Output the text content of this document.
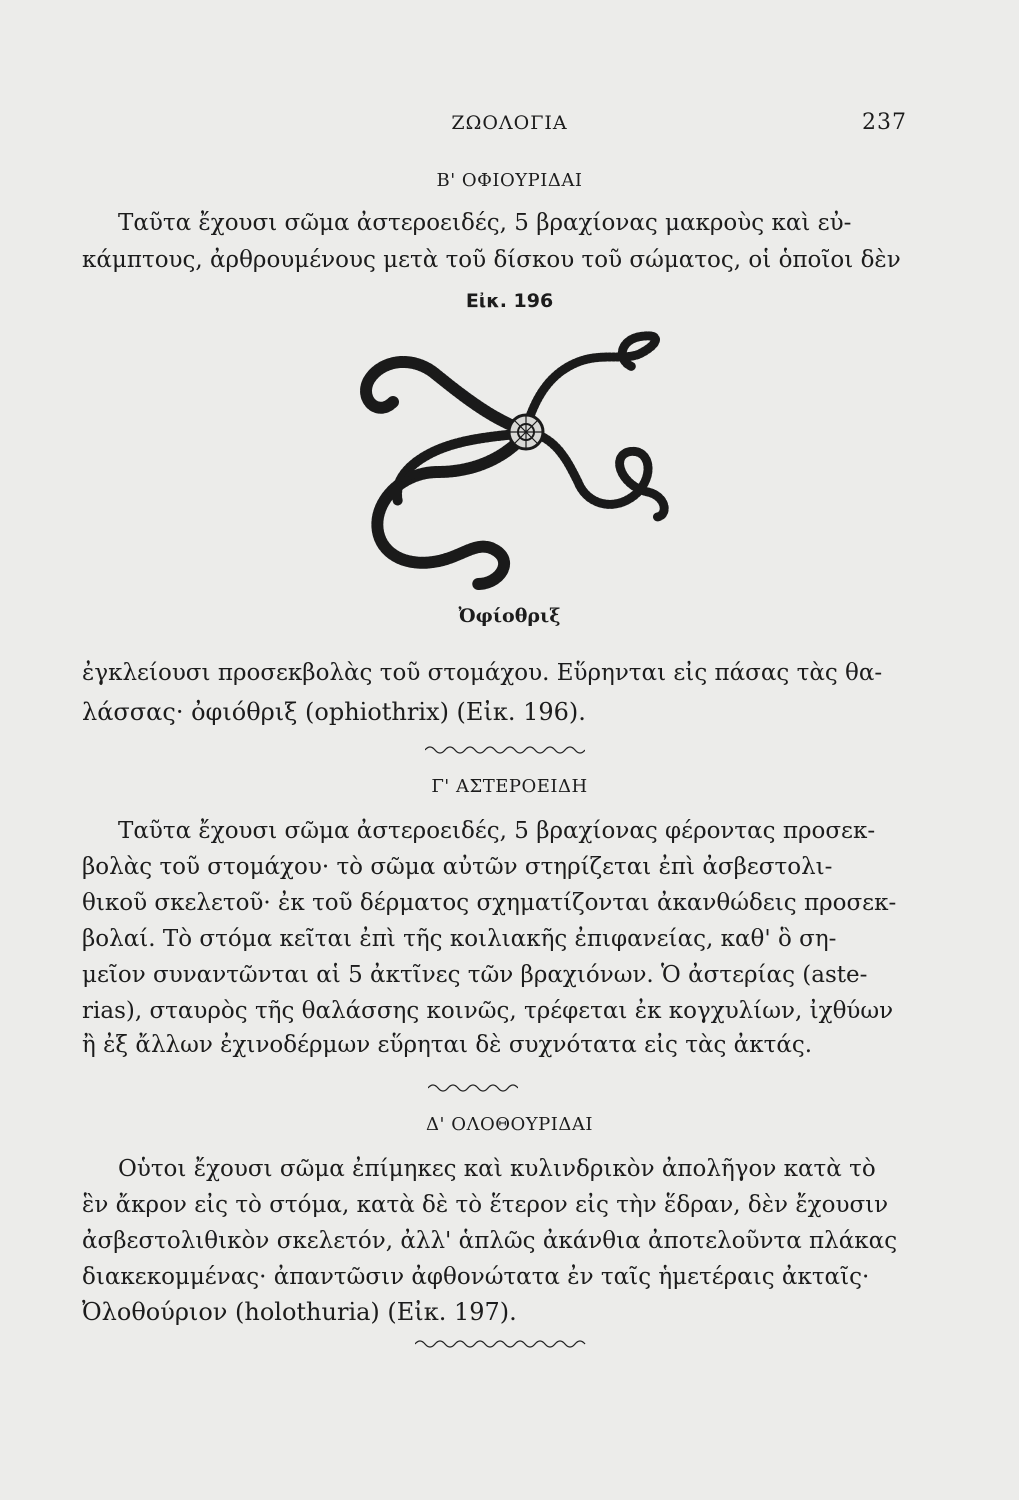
ΖΩΟΛΟΓΙΑ	237
Β' ΟΦΙΟΥΡΙΔΑΙ

Ταῦτα ἔχουσι σῶμα ἀστεροειδές, 5 βραχίονας μακροὺς καὶ εὐ-

κάμπτους, ἀρθρουμένους μετὰ τοῦ δίσκου τοῦ σώματος, οἱ ὁποῖοι δὲν

Εἰκ. 196
Ὀφίοθριξ

ἐγκλείουσι προσεκβολὰς τοῦ στομάχου. Εὕρηνται εἰς πάσας τὰς θα-

λάσσας· ὀφιόθριξ (ophiothrix) (Εἰκ. 196).

Γ' ΑΣΤΕΡΟΕΙΔΗ

Ταῦτα ἔχουσι σῶμα ἀστεροειδές, 5 βραχίονας φέροντας προσεκ-

βολὰς τοῦ στομάχου· τὸ σῶμα αὐτῶν στηρίζεται ἐπὶ ἀσβεστολι-

θικοῦ σκελετοῦ· ἐκ τοῦ δέρματος σχηματίζονται ἀκανθώδεις προσεκ-

βολαί. Τὸ στόμα κεῖται ἐπὶ τῆς κοιλιακῆς ἐπιφανείας, καθ' ὃ ση-

μεῖον συναντῶνται αἱ 5 ἀκτῖνες τῶν βραχιόνων. Ὁ ἀστερίας (aste-

rias), σταυρὸς τῆς θαλάσσης κοινῶς, τρέφεται ἐκ κογχυλίων, ἰχθύων

ἢ ἐξ ἄλλων ἐχινοδέρμων εὕρηται δὲ συχνότατα εἰς τὰς ἀκτάς.

Δ' ΟΛΟΘΟΥΡΙΔΑΙ

Οὗτοι ἔχουσι σῶμα ἐπίμηκες καὶ κυλινδρικὸν ἀπολῆγον κατὰ τὸ

ἓν ἄκρον εἰς τὸ στόμα, κατὰ δὲ τὸ ἕτερον εἰς τὴν ἕδραν, δὲν ἔχουσιν

ἀσβεστολιθικὸν σκελετόν, ἀλλ' ἁπλῶς ἀκάνθια ἀποτελοῦντα πλάκας

διακεκομμένας· ἀπαντῶσιν ἀφθονώτατα ἐν ταῖς ἡμετέραις ἀκταῖς·

Ὀλοθούριον (holothuria) (Εἰκ. 197).
